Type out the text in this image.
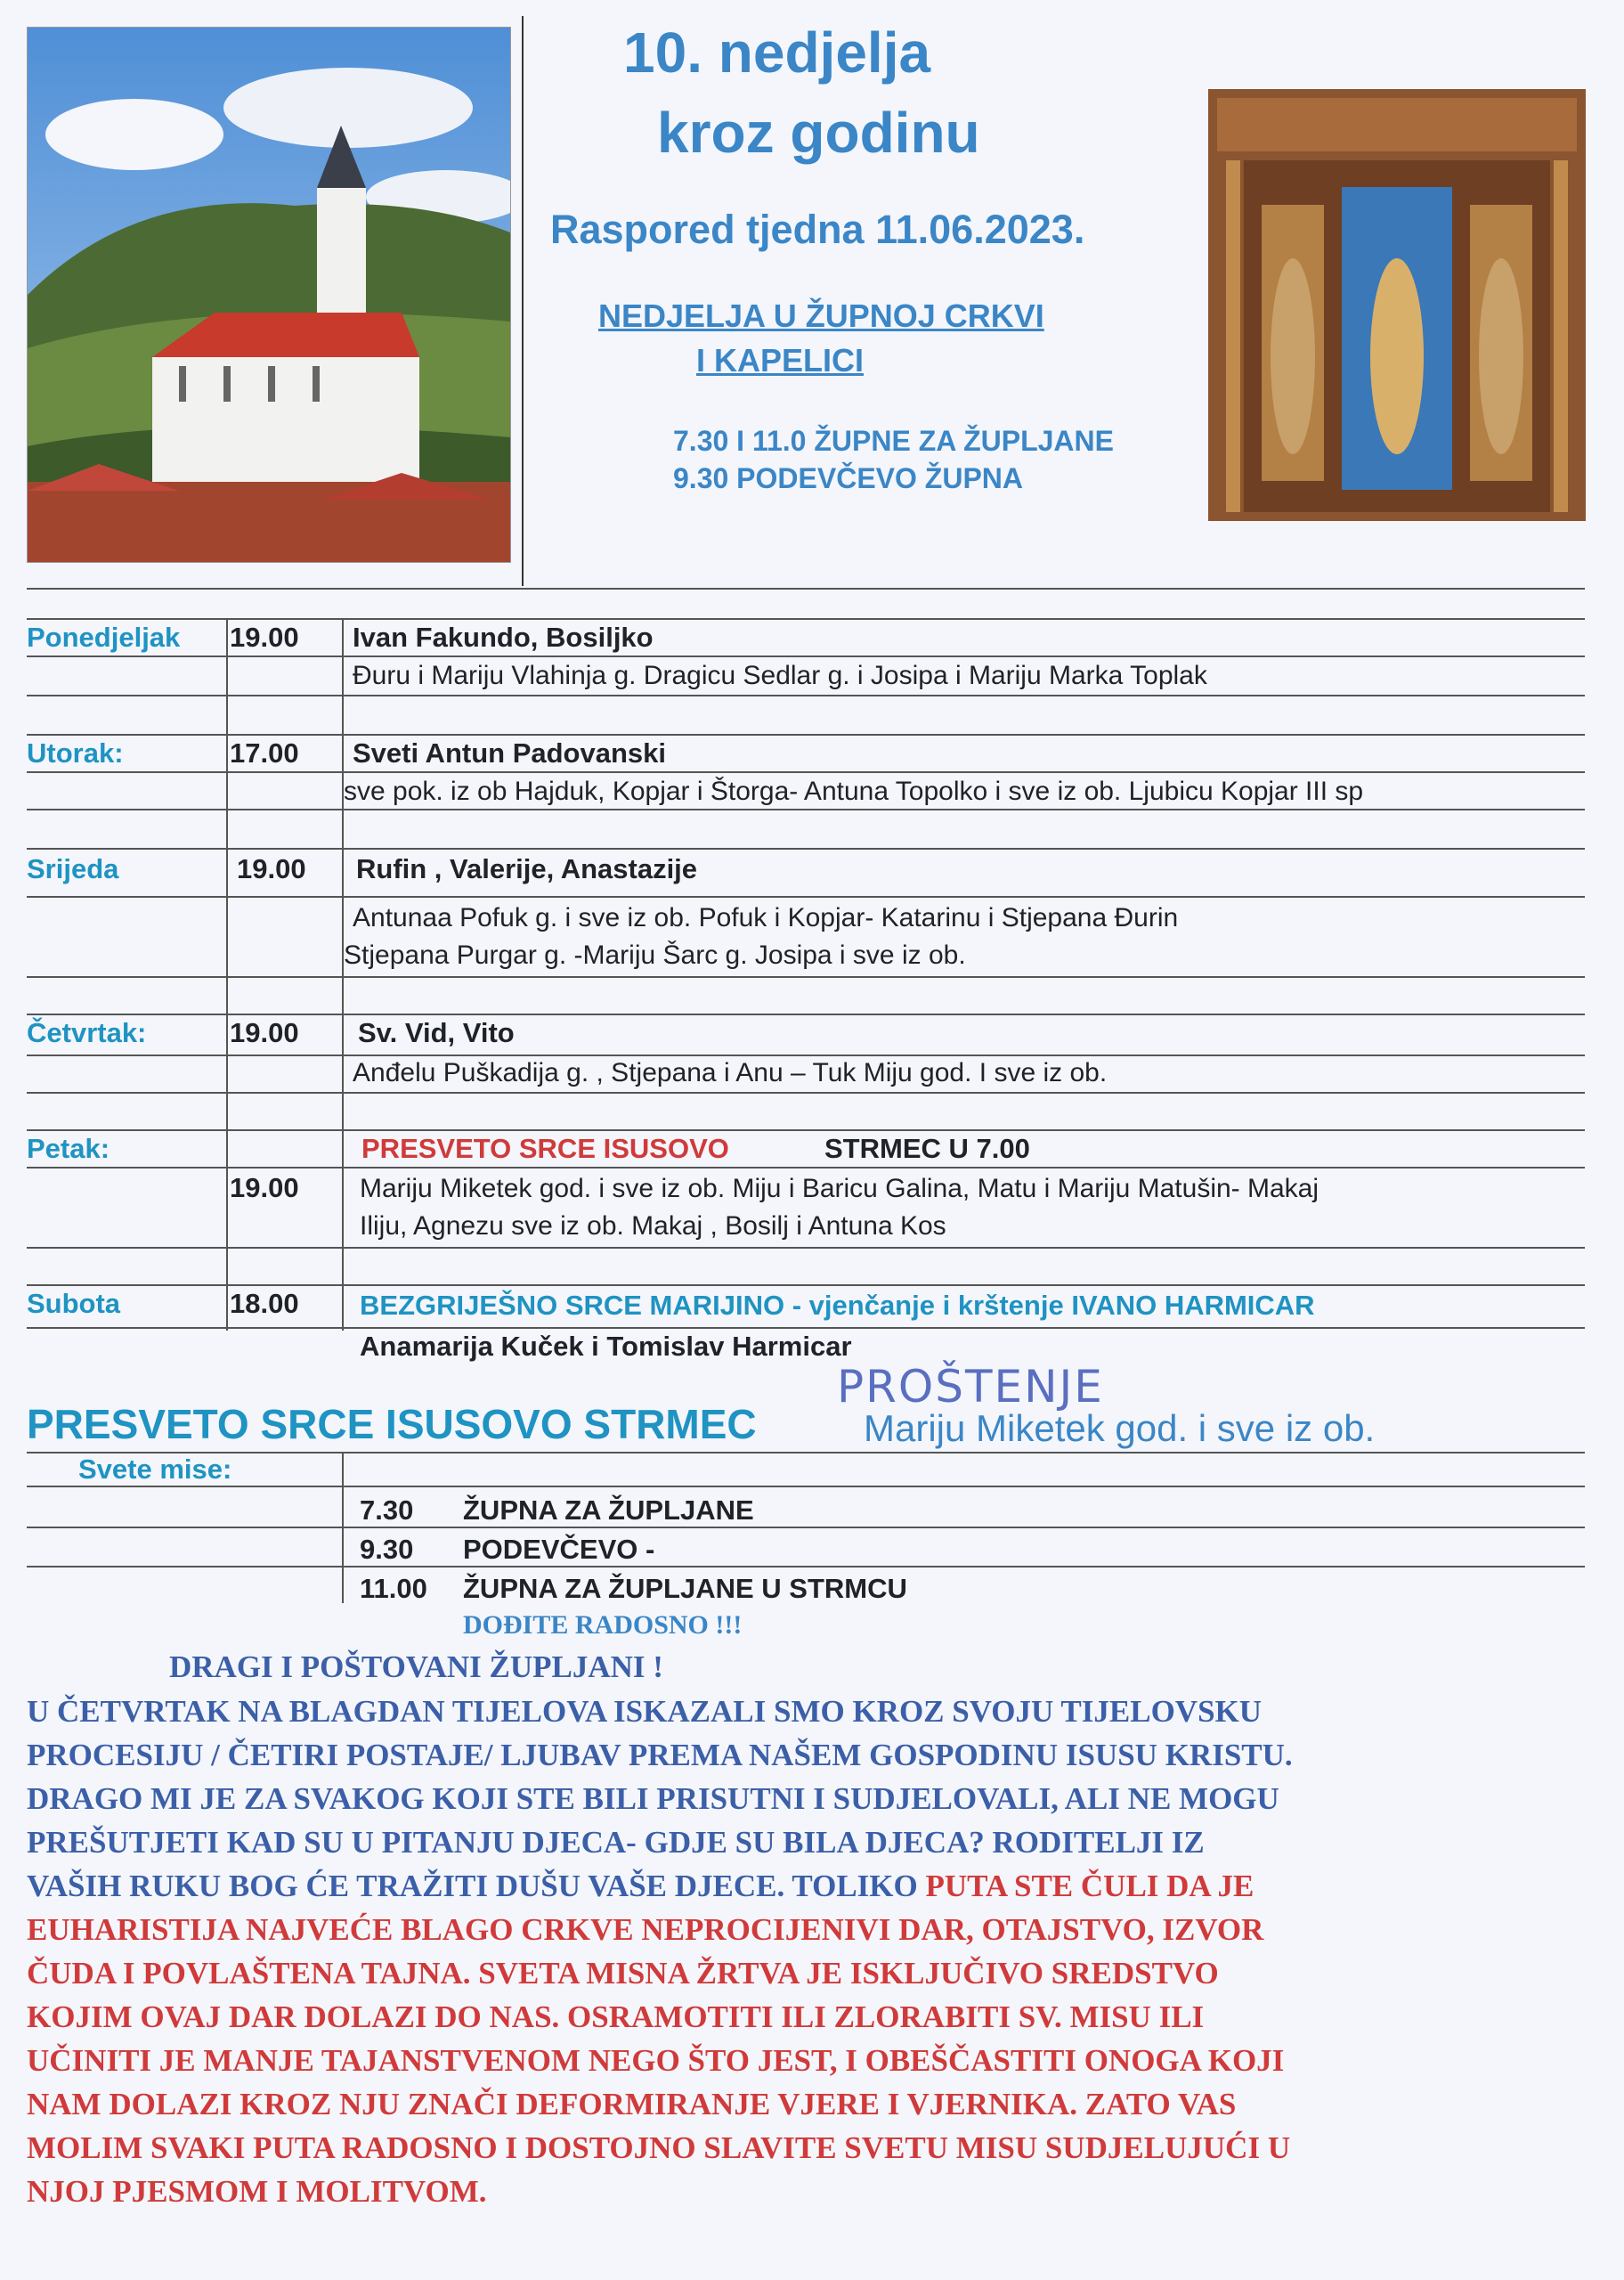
10. nedjelja
kroz godinu
Raspored tjedna 11.06.2023.
NEDJELJA U ŽUPNOJ CRKVI
I KAPELICI
7.30 I 11.0 ŽUPNE ZA ŽUPLJANE
9.30 PODEVČEVO ŽUPNA
Ponedjeljak 19.00 Ivan Fakundo, Bosiljko
Đuru i Mariju Vlahinja g. Dragicu Sedlar g. i Josipa i Mariju Marka Toplak
Utorak:	17.00 Sveti Antun Padovanski
sve pok. iz ob Hajduk, Kopjar i Štorga- Antuna Topolko i sve iz ob. Ljubicu Kopjar III sp
Srijeda	19.00 Rufin , Valerije, Anastazije
Antunaa Pofuk g. i sve iz ob. Pofuk i Kopjar- Katarinu i Stjepana Đurin
Stjepana Purgar g. -Mariju Šarc g. Josipa i sve iz ob.
Četvrtak:	19.00 Sv. Vid, Vito
Anđelu Puškadija g. , Stjepana i Anu – Tuk Miju god. I sve iz ob.
Petak:	PRESVETO SRCE ISUSOVO	STRMEC U 7.00
19.00 Mariju Miketek god. i sve iz ob. Miju i Baricu Galina, Matu i Mariju Matušin- Makaj
Iliju, Agnezu sve iz ob. Makaj , Bosilj i Antuna Kos
Subota	18.00 BEZGRIJEŠNO SRCE MARIJINO - vjenčanje i krštenje IVANO HARMICAR
Anamarija Kuček i Tomislav Harmicar
PRESVETO SRCE ISUSOVO STRMEC
PROŠTENJE
Mariju Miketek god. i sve iz ob.
Svete mise:
7.30 ŽUPNA ZA ŽUPLJANE
9.30 PODEVČEVO -
11.00 ŽUPNA ZA ŽUPLJANE U STRMCU
DOĐITE RADOSNO !!!
DRAGI I POŠTOVANI ŽUPLJANI !
U ČETVRTAK NA BLAGDAN TIJELOVA ISKAZALI SMO KROZ SVOJU TIJELOVSKU
PROCESIJU / ČETIRI POSTAJE/ LJUBAV PREMA NAŠEM GOSPODINU ISUSU KRISTU.
DRAGO MI JE ZA SVAKOG KOJI STE BILI PRISUTNI I SUDJELOVALI, ALI NE MOGU
PREŠUTJETI KAD SU U PITANJU DJECA- GDJE SU BILA DJECA? RODITELJI IZ
VAŠIH RUKU BOG ĆE TRAŽITI DUŠU VAŠE DJECE. TOLIKO PUTA STE ČULI DA JE
EUHARISTIJA NAJVEĆE BLAGO CRKVE NEPROCIJENIVI DAR, OTAJSTVO, IZVOR
ČUDA I POVLAŠTENA TAJNA. SVETA MISNA ŽRTVA JE ISKLJUČIVO SREDSTVO
KOJIM OVAJ DAR DOLAZI DO NAS. OSRAMOTITI ILI ZLORABITI SV. MISU ILI
UČINITI JE MANJE TAJANSTVENOM NEGO ŠTO JEST, I OBEŠČASTITI ONOGA KOJI
NAM DOLAZI KROZ NJU ZNAČI DEFORMIRANJE VJERE I VJERNIKA. ZATO VAS
MOLIM SVAKI PUTA RADOSNO I DOSTOJNO SLAVITE SVETU MISU SUDJELUJUĆI U
NJOJ PJESMOM I MOLITVOM.
